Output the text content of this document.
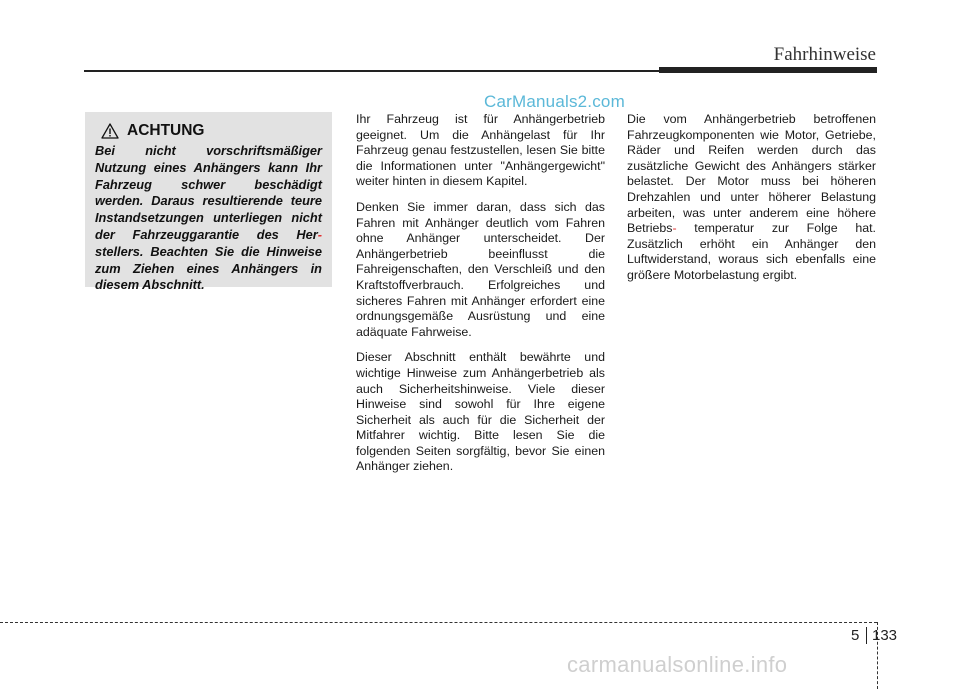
Fahrhinweise
CarManuals2.com
ACHTUNG

Bei nicht vorschriftsmäßiger Nutzung eines Anhängers kann Ihr Fahrzeug schwer beschädigt werden. Daraus resultierende teure Instandsetzungen unterliegen nicht der Fahrzeuggarantie des Her- stellers. Beachten Sie die Hinweise zum Ziehen eines Anhängers in diesem Abschnitt.

Ihr Fahrzeug ist für Anhängerbetrieb geeignet. Um die Anhängelast für Ihr Fahrzeug genau festzustellen, lesen Sie bitte die Informationen unter "Anhängergewicht" weiter hinten in diesem Kapitel.

Denken Sie immer daran, dass sich das Fahren mit Anhänger deutlich vom Fahren ohne Anhänger unterscheidet. Der Anhängerbetrieb beeinflusst die Fahreigenschaften, den Verschleiß und den Kraftstoffverbrauch. Erfolgreiches und sicheres Fahren mit Anhänger erfordert eine ordnungsgemäße Ausrüstung und eine adäquate Fahrweise.

Dieser Abschnitt enthält bewährte und wichtige Hinweise zum Anhängerbetrieb als auch Sicherheitshinweise. Viele dieser Hinweise sind sowohl für Ihre eigene Sicherheit als auch für die Sicherheit der Mitfahrer wichtig. Bitte lesen Sie die folgenden Seiten sorgfältig, bevor Sie einen Anhänger ziehen.

Die vom Anhängerbetrieb betroffenen Fahrzeugkomponenten wie Motor, Getriebe, Räder und Reifen werden durch das zusätzliche Gewicht des Anhängers stärker belastet. Der Motor muss bei höheren Drehzahlen und unter höherer Belastung arbeiten, was unter anderem eine höhere Betriebs- temperatur zur Folge hat. Zusätzlich erhöht ein Anhänger den Luftwiderstand, woraus sich ebenfalls eine größere Motorbelastung ergibt.

5 133
carmanualsonline.info
